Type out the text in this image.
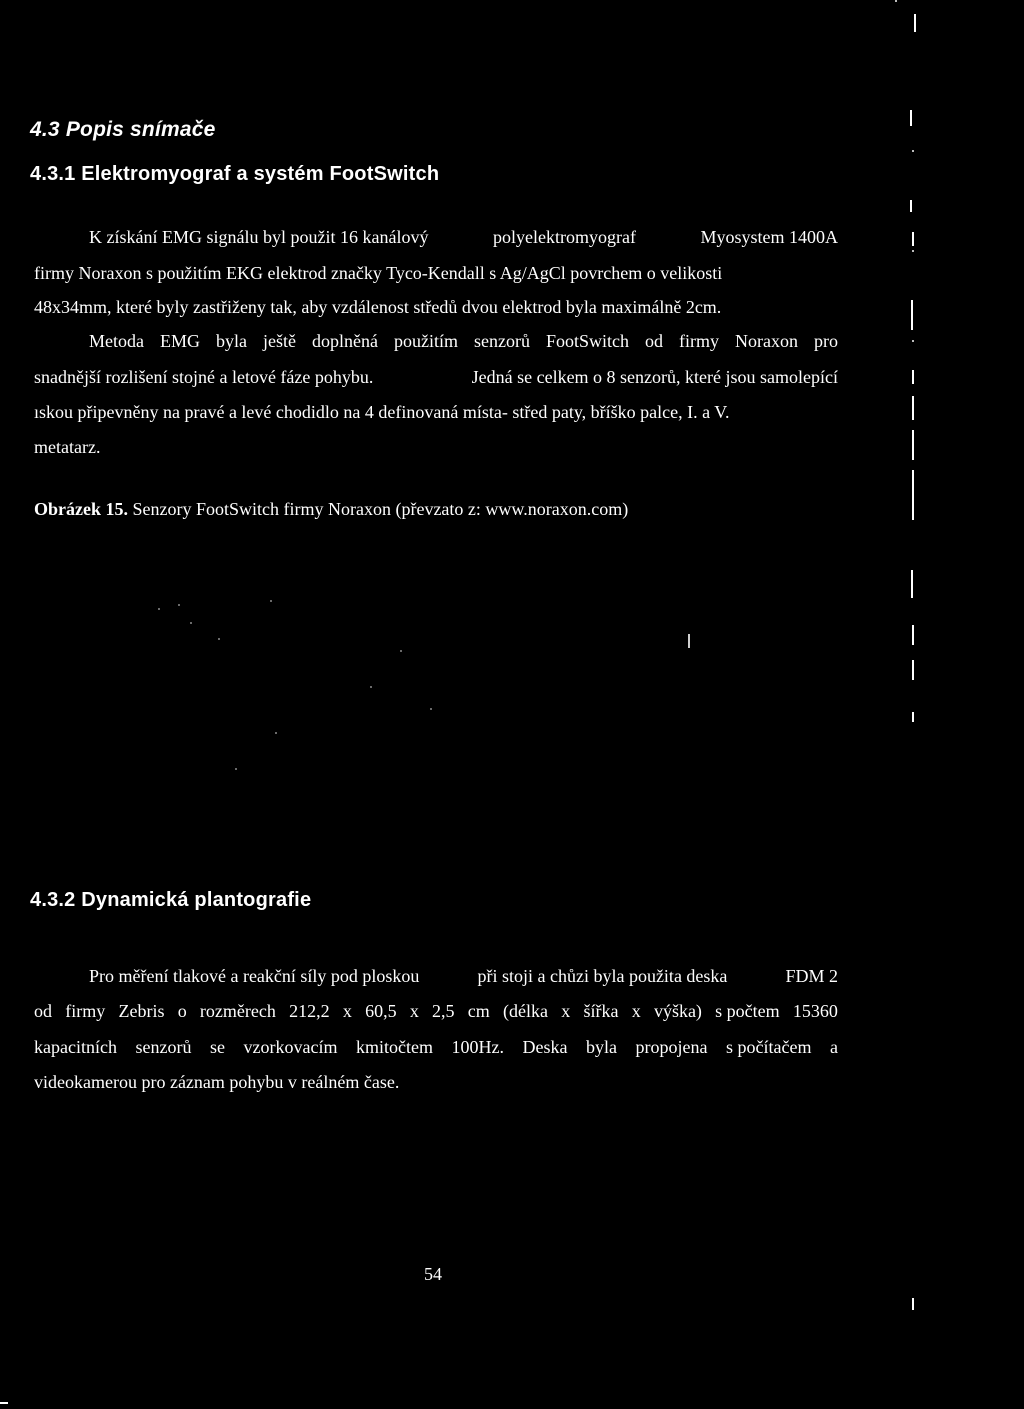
4.3 Popis snímače
4.3.1 Elektromyograf a systém FootSwitch
K získání EMG signálu byl použit 16 kanálový	polyelektromyograf	Myosystem 1400A
firmy Noraxon s použitím EKG elektrod značky Tyco-Kendall s Ag/AgCl povrchem o velikosti
48x34mm, které byly zastřiženy tak, aby vzdálenost středů dvou elektrod byla maximálně 2cm.
Metoda EMG byla ještě doplněná použitím senzorů FootSwitch od firmy Noraxon pro
snadnější rozlišení stojné a letové fáze pohybu.	Jedná se celkem o 8 senzorů, které jsou samolepící
ıskou připevněny na pravé a levé chodidlo na 4 definovaná místa- střed paty, bříško palce, I. a V.
metatarz.
Obrázek 15. Senzory FootSwitch firmy Noraxon (převzato z: www.noraxon.com)
4.3.2 Dynamická plantografie
Pro měření tlakové a reakční síly pod ploskou	při stoji a chůzi byla použita deska	FDM 2
od firmy Zebris o rozměrech 212,2 x 60,5 x 2,5 cm (délka x šířka x výška) s počtem 15360
kapacitních senzorů se vzorkovacím kmitočtem 100Hz. Deska byla propojena s počítačem a
videokamerou pro záznam pohybu v reálném čase.
54
